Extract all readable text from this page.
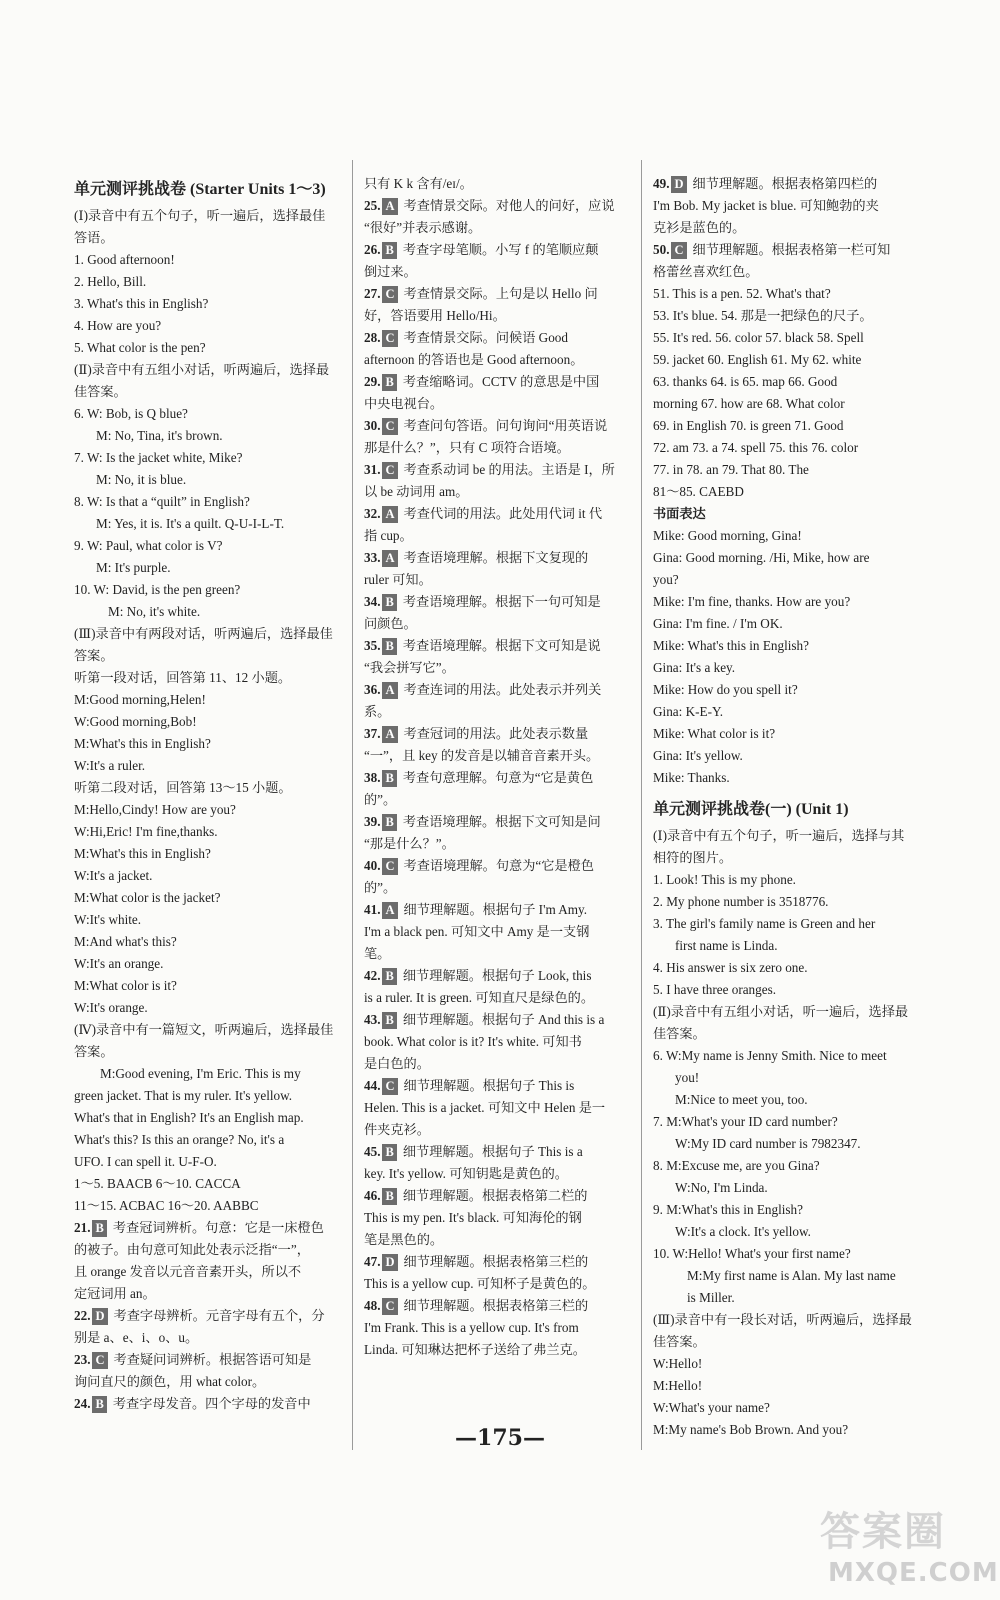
单元测评挑战卷 (Starter Units 1～3)
(Ⅰ)录音中有五个句子，听一遍后，选择最佳
答语。
1. Good afternoon!
2. Hello, Bill.
3. What's this in English?
4. How are you?
5. What color is the pen?
(Ⅱ)录音中有五组小对话，听两遍后，选择最
佳答案。
6. W: Bob, is Q blue?
M: No, Tina, it's brown.
7. W: Is the jacket white, Mike?
M: No, it is blue.
8. W: Is that a “quilt” in English?
M: Yes, it is. It's a quilt. Q-U-I-L-T.
9. W: Paul, what color is V?
M: It's purple.
10. W: David, is the pen green?
M: No, it's white.
(Ⅲ)录音中有两段对话，听两遍后，选择最佳
答案。
听第一段对话，回答第 11、12 小题。
M:Good morning,Helen!
W:Good morning,Bob!
M:What's this in English?
W:It's a ruler.
听第二段对话，回答第 13～15 小题。
M:Hello,Cindy! How are you?
W:Hi,Eric! I'm fine,thanks.
M:What's this in English?
W:It's a jacket.
M:What color is the jacket?
W:It's white.
M:And what's this?
W:It's an orange.
M:What color is it?
W:It's orange.
(Ⅳ)录音中有一篇短文，听两遍后，选择最佳
答案。
M:Good evening, I'm Eric. This is my
green jacket. That is my ruler. It's yellow.
What's that in English? It's an English map.
What's this? Is this an orange? No, it's a
UFO. I can spell it. U-F-O.
1～5. BAACB 6～10. CACCA
11～15. ACBAC 16～20. AABBC
21. B 考查冠词辨析。句意：它是一床橙色
的被子。由句意可知此处表示泛指“一”，
且 orange 发音以元音音素开头，所以不
定冠词用 an。
22. D 考查字母辨析。元音字母有五个，分
别是 a、e、i、o、u。
23. C 考查疑问词辨析。根据答语可知是
询问直尺的颜色，用 what color。
24. B 考查字母发音。四个字母的发音中
只有 K k 含有/eɪ/。
25. A 考查情景交际。对他人的问好，应说
“很好”并表示感谢。
26. B 考查字母笔顺。小写 f 的笔顺应颠
倒过来。
27. C 考查情景交际。上句是以 Hello 问
好，答语要用 Hello/Hi。
28. C 考查情景交际。问候语 Good
afternoon 的答语也是 Good afternoon。
29. B 考查缩略词。CCTV 的意思是中国
中央电视台。
30. C 考查问句答语。问句询问“用英语说
那是什么？”，只有 C 项符合语境。
31. C 考查系动词 be 的用法。主语是 I，所
以 be 动词用 am。
32. A 考查代词的用法。此处用代词 it 代
指 cup。
33. A 考查语境理解。根据下文复现的
ruler 可知。
34. B 考查语境理解。根据下一句可知是
问颜色。
35. B 考查语境理解。根据下文可知是说
“我会拼写它”。
36. A 考查连词的用法。此处表示并列关
系。
37. A 考查冠词的用法。此处表示数量
“一”，且 key 的发音是以辅音音素开头。
38. B 考查句意理解。句意为“它是黄色
的”。
39. B 考查语境理解。根据下文可知是问
“那是什么？”。
40. C 考查语境理解。句意为“它是橙色
的”。
41. A 细节理解题。根据句子 I'm Amy.
I'm a black pen. 可知文中 Amy 是一支钢
笔。
42. B 细节理解题。根据句子 Look, this
is a ruler. It is green. 可知直尺是绿色的。
43. B 细节理解题。根据句子 And this is a
book. What color is it? It's white. 可知书
是白色的。
44. C 细节理解题。根据句子 This is
Helen. This is a jacket. 可知文中 Helen 是一
件夹克衫。
45. B 细节理解题。根据句子 This is a
key. It's yellow. 可知钥匙是黄色的。
46. B 细节理解题。根据表格第二栏的
This is my pen. It's black. 可知海伦的钢
笔是黑色的。
47. D 细节理解题。根据表格第三栏的
This is a yellow cup. 可知杯子是黄色的。
48. C 细节理解题。根据表格第三栏的
I'm Frank. This is a yellow cup. It's from
Linda. 可知琳达把杯子送给了弗兰克。
49. D 细节理解题。根据表格第四栏的
I'm Bob. My jacket is blue. 可知鲍勃的夹
克衫是蓝色的。
50. C 细节理解题。根据表格第一栏可知
格蕾丝喜欢红色。
51. This is a pen. 52. What's that?
53. It's blue. 54. 那是一把绿色的尺子。
55. It's red. 56. color 57. black 58. Spell
59. jacket 60. English 61. My 62. white
63. thanks 64. is 65. map 66. Good
morning 67. how are 68. What color
69. in English 70. is green 71. Good
72. am 73. a 74. spell 75. this 76. color
77. in 78. an 79. That 80. The
81～85. CAEBD
书面表达
Mike: Good morning, Gina!
Gina: Good morning. /Hi, Mike, how are
you?
Mike: I'm fine, thanks. How are you?
Gina: I'm fine. / I'm OK.
Mike: What's this in English?
Gina: It's a key.
Mike: How do you spell it?
Gina: K-E-Y.
Mike: What color is it?
Gina: It's yellow.
Mike: Thanks.
单元测评挑战卷(一) (Unit 1)
(Ⅰ)录音中有五个句子，听一遍后，选择与其
相符的图片。
1. Look! This is my phone.
2. My phone number is 3518776.
3. The girl's family name is Green and her
first name is Linda.
4. His answer is six zero one.
5. I have three oranges.
(Ⅱ)录音中有五组小对话，听一遍后，选择最
佳答案。
6. W:My name is Jenny Smith. Nice to meet
you!
M:Nice to meet you, too.
7. M:What's your ID card number?
W:My ID card number is 7982347.
8. M:Excuse me, are you Gina?
W:No, I'm Linda.
9. M:What's this in English?
W:It's a clock. It's yellow.
10. W:Hello! What's your first name?
M:My first name is Alan. My last name
is Miller.
(Ⅲ)录音中有一段长对话，听两遍后，选择最
佳答案。
W:Hello!
M:Hello!
W:What's your name?
M:My name's Bob Brown. And you?
—175—
答案圈
MXQE.COM
